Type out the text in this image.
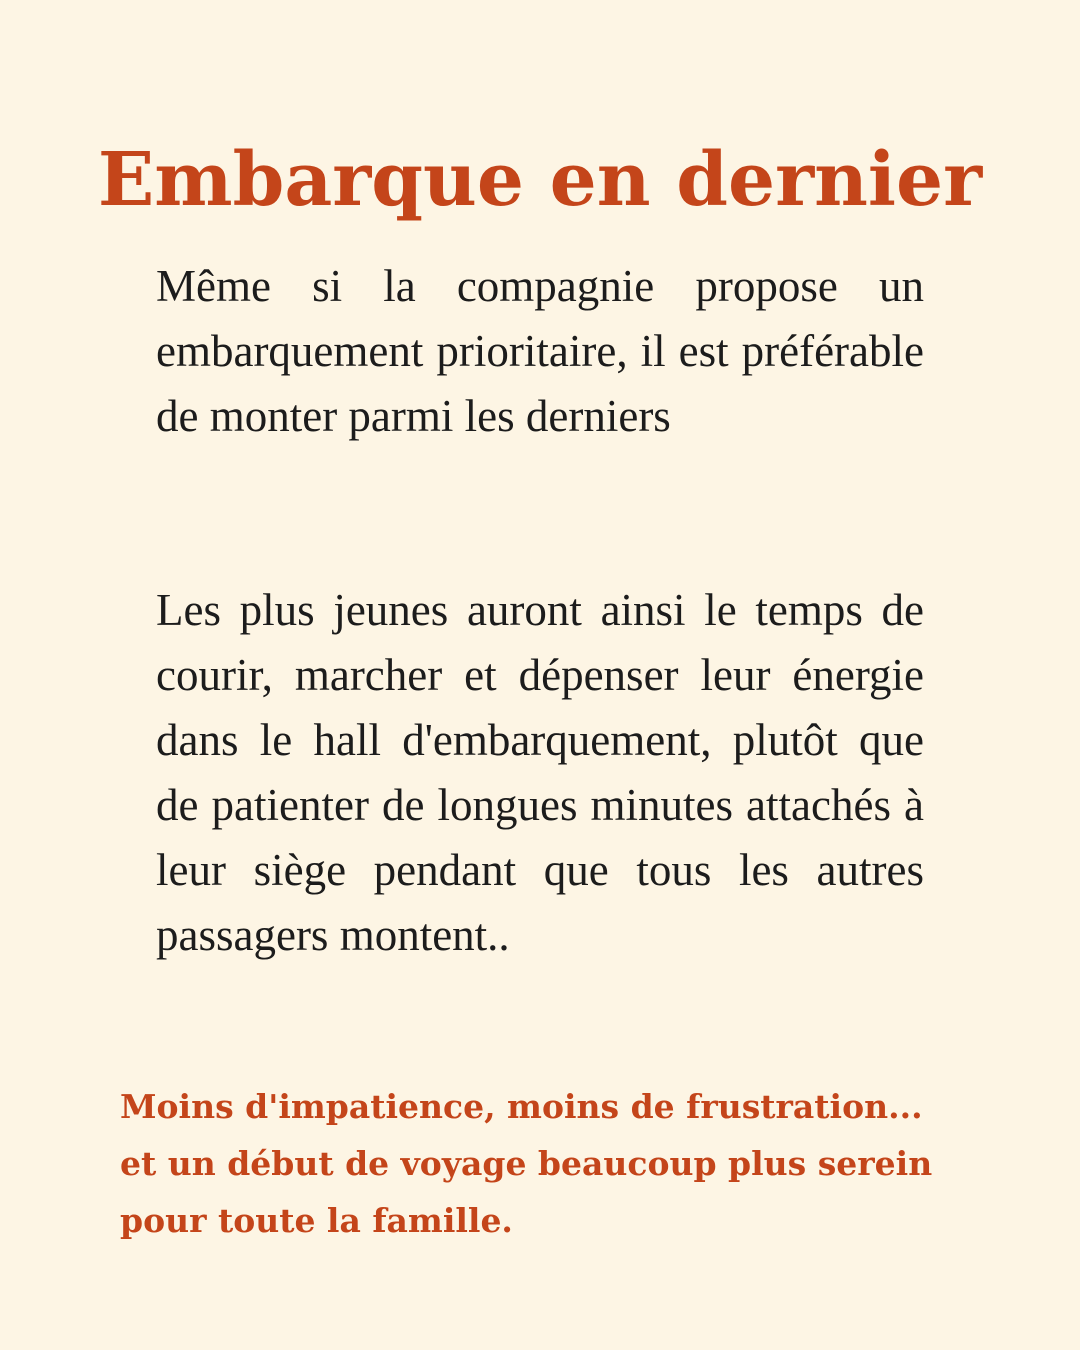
Embarque en dernier

Même si la compagnie propose un embarquement prioritaire, il est préférable de monter parmi les derniers

Les plus jeunes auront ainsi le temps de courir, marcher et dépenser leur énergie dans le hall d'embarquement, plutôt que de patienter de longues minutes attachés à leur siège pendant que tous les autres passagers montent..

Moins d'impatience, moins de frustration...
et un début de voyage beaucoup plus serein
pour toute la famille.
